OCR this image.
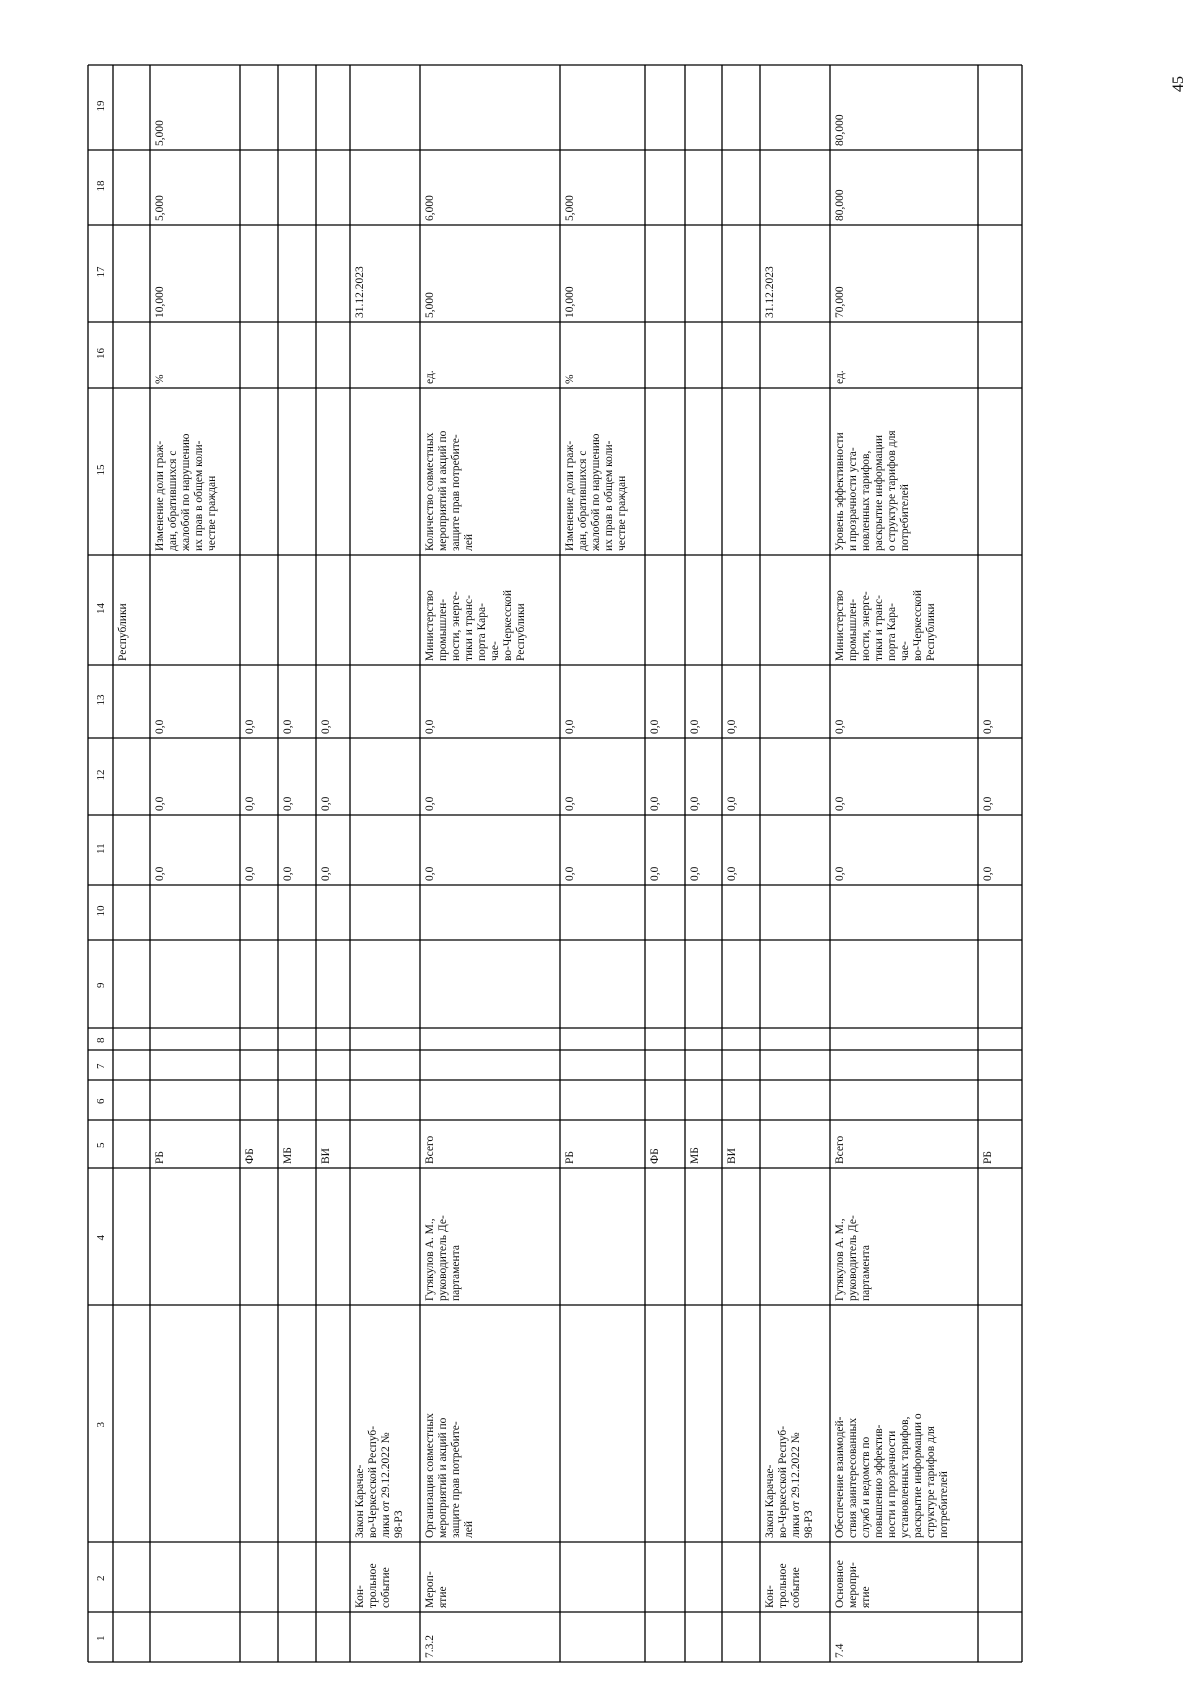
45
1
2
3
4
5
6
7
8
9
10
11
12
13
14
15
16
17
18
19
Республики
РБ
0,0
0,0
0,0
Изменение доли граж-дан, обратившихся сжалобой по нарушениюих прав в общем коли-честве граждан
%
10,000
5,000
5,000
ФБ
0,0
0,0
0,0
МБ
0,0
0,0
0,0
ВИ
0,0
0,0
0,0
Кон-трольноесобытие
Закон Карачае-во-Черкесской Респуб-лики от 29.12.2022 №98-РЗ
31.12.2023
7.3.2
Мероп-ятие
Организация совместныхмероприятий и акций позащите прав потребите-лей
Гутякулов А. М.,руководитель Де-партамента
Всего
0,0
0,0
0,0
Министерствопромышлен-ности, энерге-тики и транс-порта Кара-чае-во-ЧеркесскойРеспублики
Количество совместныхмероприятий и акций позащите прав потребите-лей
ед.
5,000
6,000
РБ
0,0
0,0
0,0
Изменение доли граж-дан, обратившихся сжалобой по нарушениюих прав в общем коли-честве граждан
%
10,000
5,000
ФБ
0,0
0,0
0,0
МБ
0,0
0,0
0,0
ВИ
0,0
0,0
0,0
Кон-трольноесобытие
Закон Карачае-во-Черкесской Респуб-лики от 29.12.2022 №98-РЗ
31.12.2023
7.4
Основноемеропри-ятие
Обеспечение взаимодей-ствия заинтересованныхслужб и ведомств поповышению эффектив-ности и прозрачностиустановленных тарифов,раскрытие информации оструктуре тарифов дляпотребителей
Гутякулов А. М.,руководитель Де-партамента
Всего
0,0
0,0
0,0
Министерствопромышлен-ности, энерге-тики и транс-порта Кара-чае-во-ЧеркесскойРеспублики
Уровень эффективностии прозрачности уста-новленных тарифов,раскрытие информациио структуре тарифов дляпотребителей
ед.
70,000
80,000
80,000
РБ
0,0
0,0
0,0
